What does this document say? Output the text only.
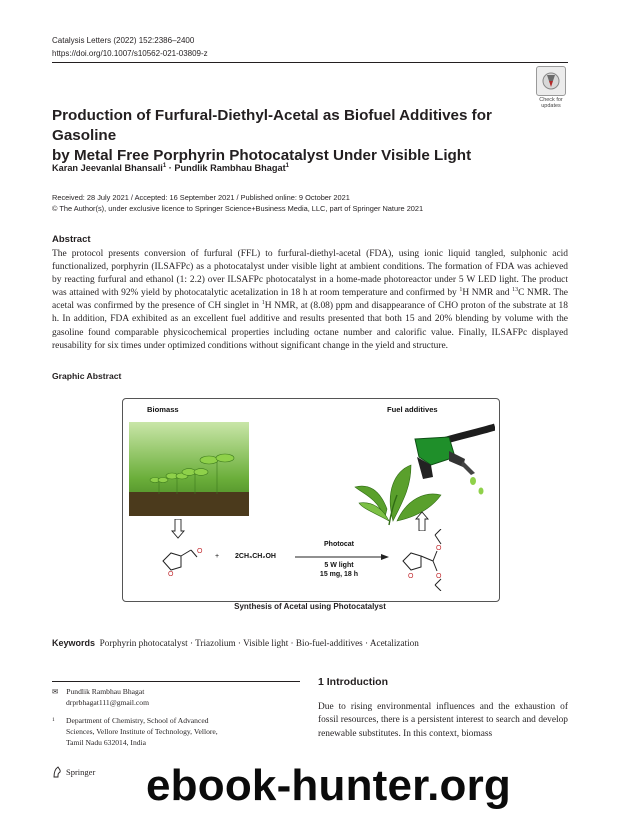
Catalysis Letters (2022) 152:2386–2400
https://doi.org/10.1007/s10562-021-03809-z
Check for
updates
Production of Furfural-Diethyl-Acetal as Biofuel Additives for Gasoline
by Metal Free Porphyrin Photocatalyst Under Visible Light
Karan Jeevanlal Bhansali$^1$ · Pundlik Rambhau Bhagat$^1$
Received: 28 July 2021 / Accepted: 16 September 2021 / Published online: 9 October 2021
© The Author(s), under exclusive licence to Springer Science+Business Media, LLC, part of Springer Nature 2021
Abstract
The protocol presents conversion of furfural (FFL) to furfural-diethyl-acetal (FDA), using ionic liquid tangled, sulphonic acid functionalized, porphyrin (ILSAFPc) as a photocatalyst under visible light at ambient conditions. The formation of FDA was achieved by reacting furfural and ethanol (1: 2.2) over ILSAFPc photocatalyst in a home-made photoreactor under 5 W LED light. The product was attained with 92% yield by photocatalytic acetalization in 18 h at room temperature and confirmed by $^1$H NMR and $^{13}$C NMR. The acetal was confirmed by the presence of CH singlet in $^1$H NMR, at (8.08) ppm and disappearance of CHO proton of the substrate at 18 h. In addition, FDA exhibited as an excellent fuel additive and results presented that both 15 and 20% blending by volume with the gasoline found comparable physicochemical properties including octane number and calorific value. Finally, ILSAFPc displayed reusability for six times under optimized conditions without significant change in the yield and structure.
Graphic Abstract
Biomass	Fuel additives
O
O
+ 2CH₃CH₂OH
Photocat
5 W light
15 mg, 18 h	O
O
O
Synthesis of Acetal using Photocatalyst
Keywords Porphyrin photocatalyst · Triazolium · Visible light · Bio-fuel-additives · Acetalization
✉ Pundlik Rambhau Bhagat
drprbhagat111@gmail.com
1 Department of Chemistry, School of Advanced
Sciences, Vellore Institute of Technology, Vellore,
Tamil Nadu 632014, India
1 Introduction
Due to rising environmental influences and the exhaustion of fossil resources, there is a persistent interest to search and develop renewable substitutes. In this context, biomass
Springer ebook-hunter.org
